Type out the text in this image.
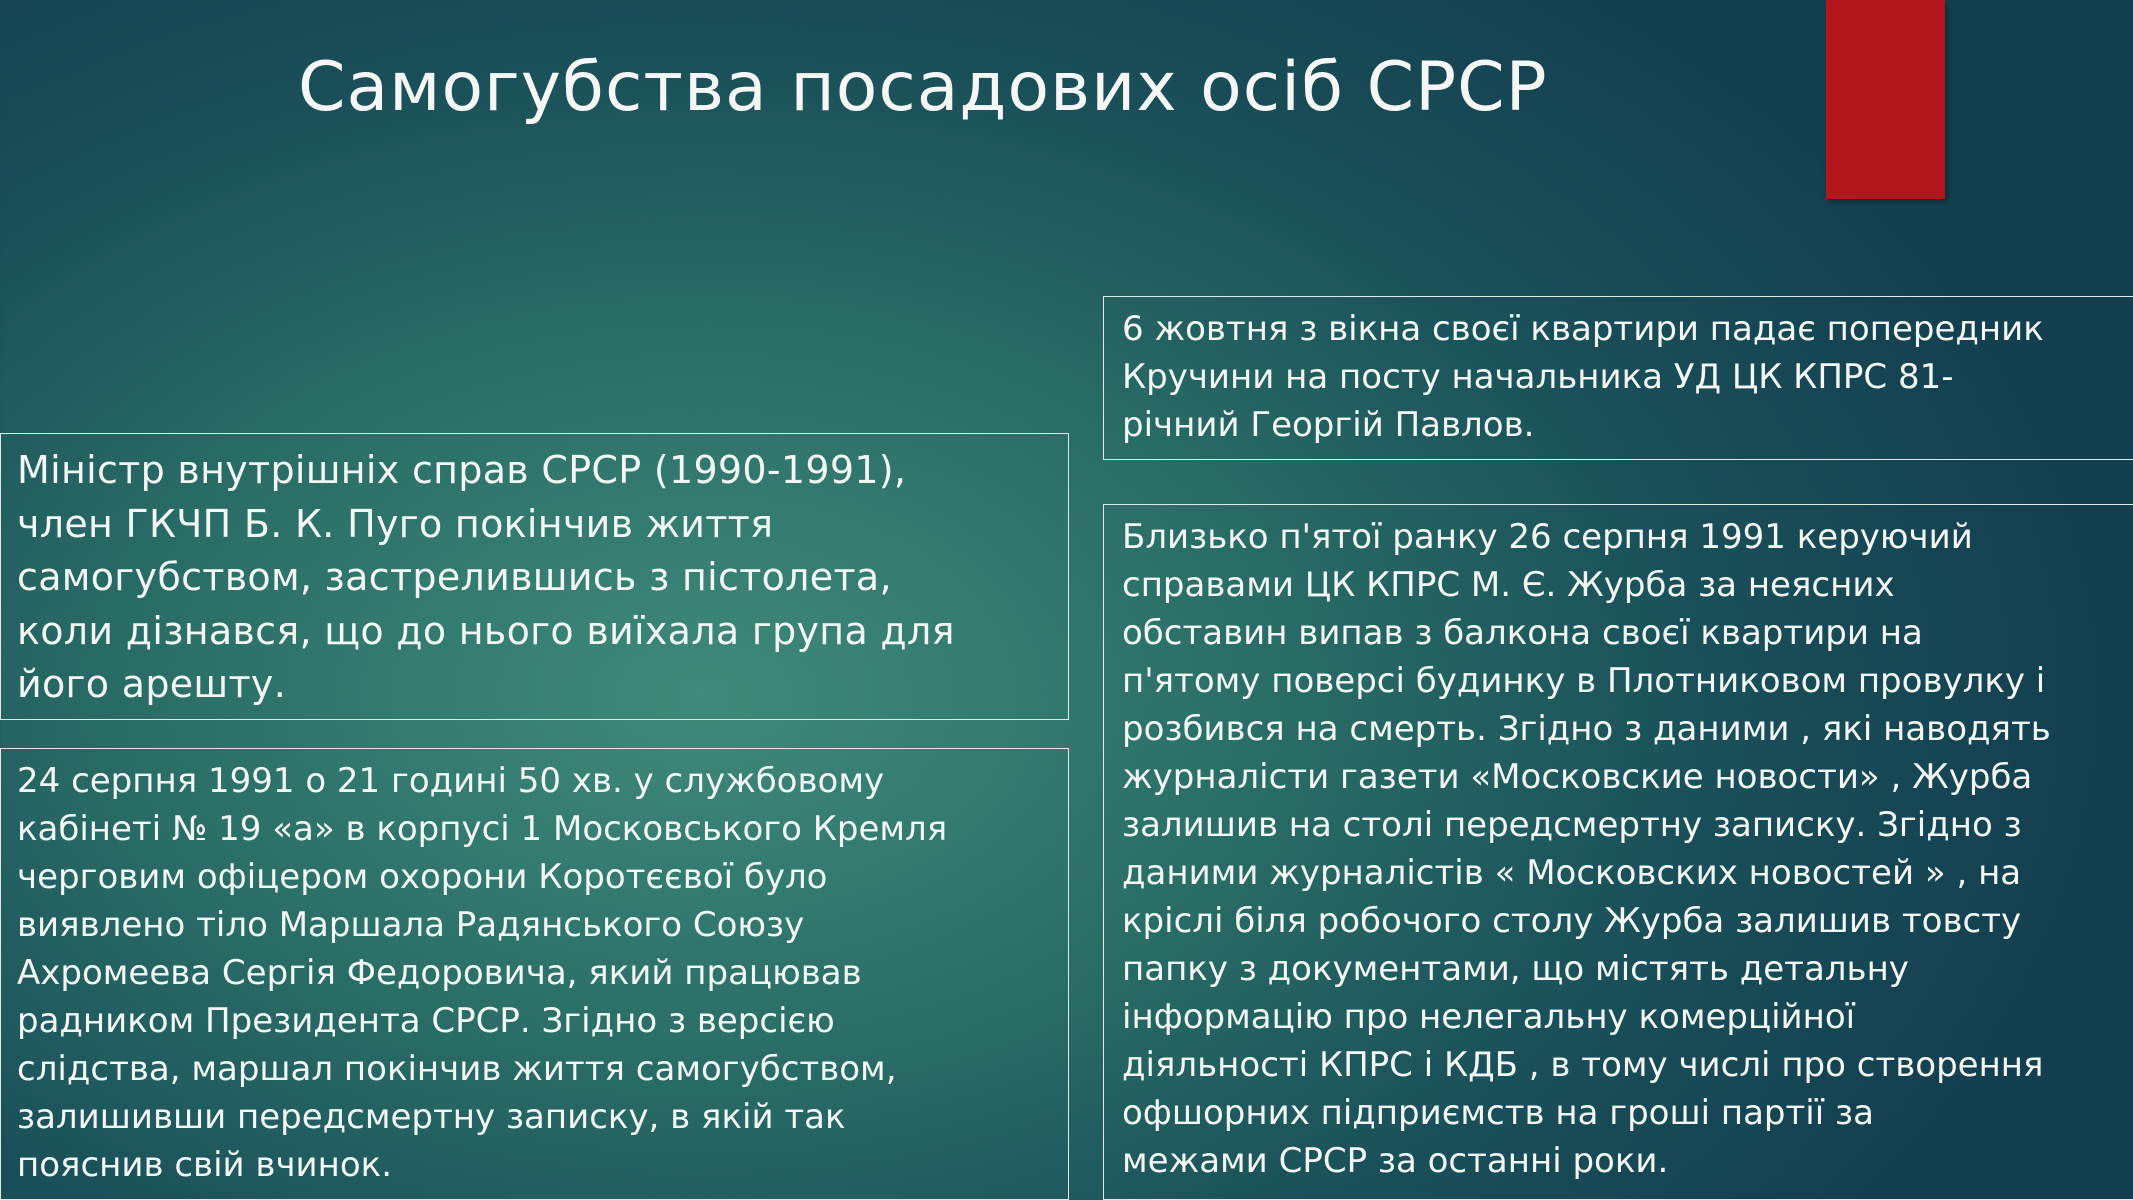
Самогубства посадових осіб СРСР

Міністр внутрішніх справ СРСР (1990-1991),
член ГКЧП Б. К. Пуго покінчив життя
самогубством, застрелившись з пістолета,
коли дізнався, що до нього виїхала група для
його арешту.

24 серпня 1991 о 21 годині 50 хв. у службовому
кабінеті № 19 «а» в корпусі 1 Московського Кремля
черговим офіцером охорони Коротєєвої було
виявлено тіло Маршала Радянського Союзу
Ахромеева Сергія Федоровича, який працював
радником Президента СРСР. Згідно з версією
слідства, маршал покінчив життя самогубством,
залишивши передсмертну записку, в якій так
пояснив свій вчинок.

6 жовтня з вікна своєї квартири падає попередник
Кручини на посту начальника УД ЦК КПРС 81-
річний Георгій Павлов.

Близько п'ятої ранку 26 серпня 1991 керуючий
справами ЦК КПРС М. Є. Журба за неясних
обставин випав з балкона своєї квартири на
п'ятому поверсі будинку в Плотниковом провулку і
розбився на смерть. Згідно з даними , які наводять
журналісти газети «Московские новости» , Журба
залишив на столі передсмертну записку. Згідно з
даними журналістів « Московских новостей » , на
кріслі біля робочого столу Журба залишив товсту
папку з документами, що містять детальну
інформацію про нелегальну комерційної
діяльності КПРС і КДБ , в тому числі про створення
офшорних підприємств на гроші партії за
межами СРСР за останні роки.
